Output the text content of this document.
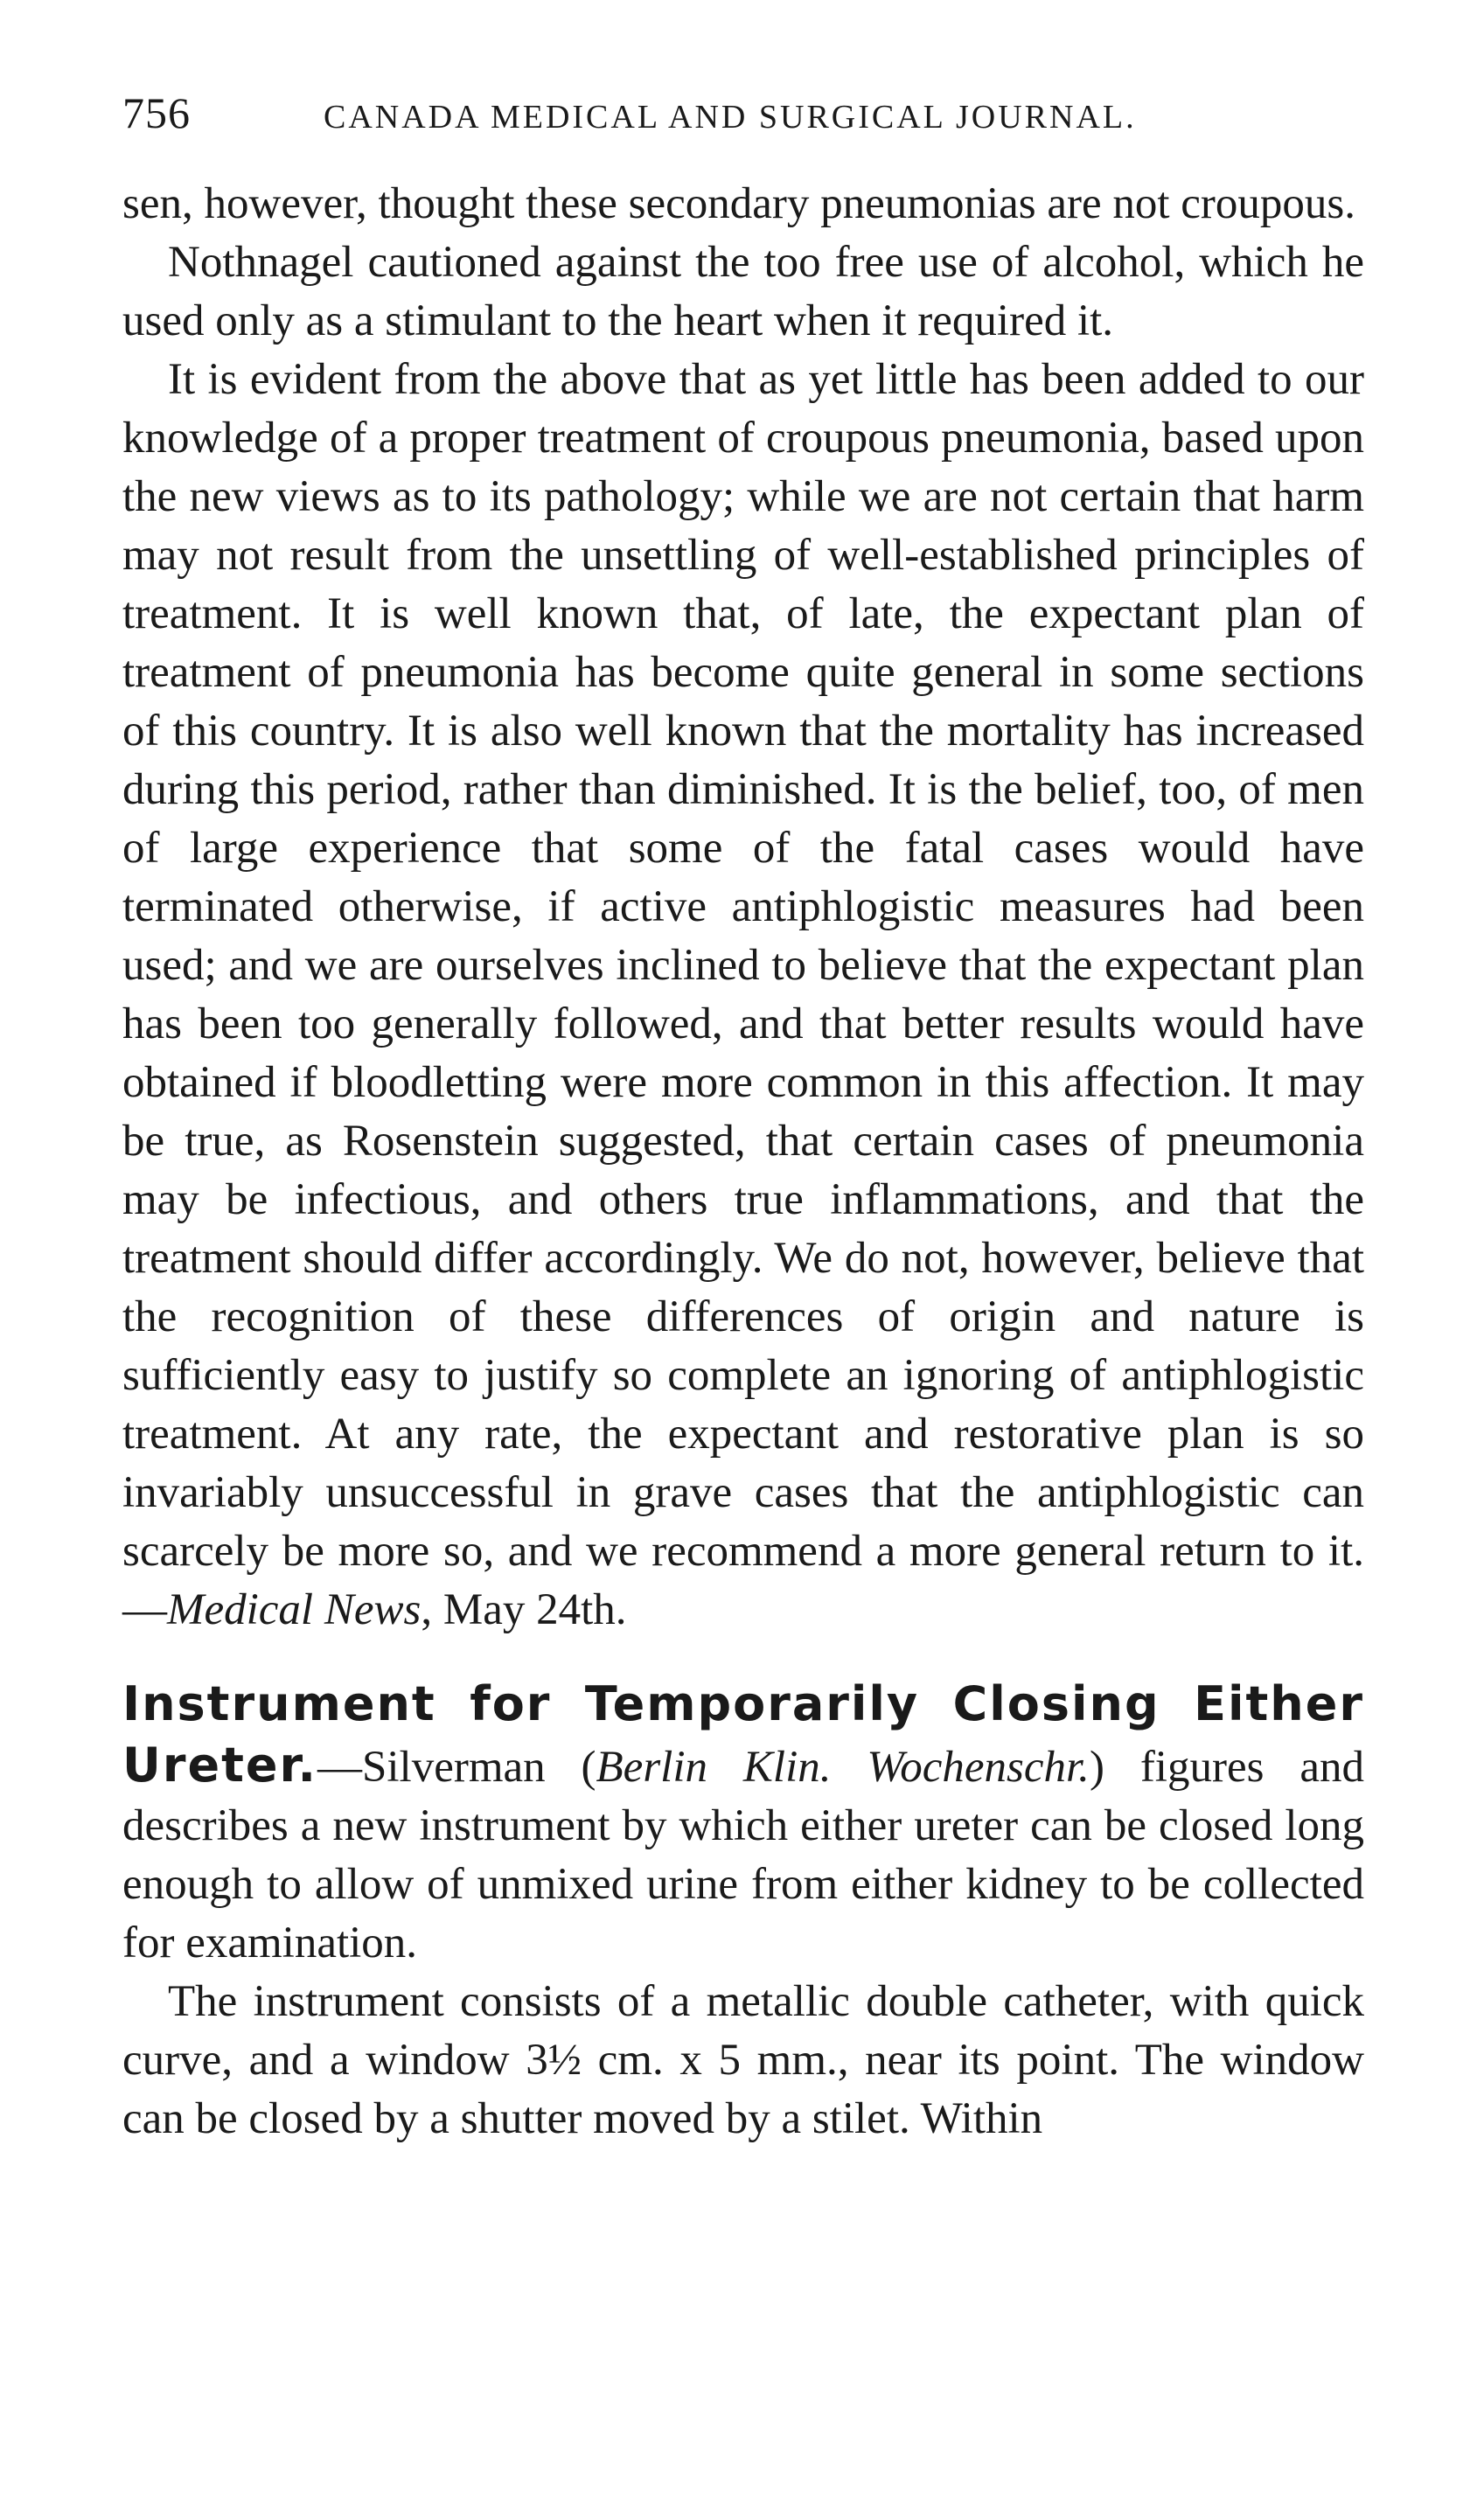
756	CANADA MEDICAL AND SURGICAL JOURNAL.

sen, however, thought these secondary pneumonias are not croupous.

Nothnagel cautioned against the too free use of alcohol, which he used only as a stimulant to the heart when it required it.

It is evident from the above that as yet little has been added to our knowledge of a proper treatment of croupous pneumonia, based upon the new views as to its pathology; while we are not certain that harm may not result from the unsettling of well-established principles of treatment. It is well known that, of late, the expectant plan of treatment of pneumonia has become quite general in some sections of this country. It is also well known that the mortality has increased during this period, rather than diminished. It is the belief, too, of men of large experience that some of the fatal cases would have terminated otherwise, if active antiphlogistic measures had been used; and we are ourselves inclined to believe that the expectant plan has been too generally followed, and that better results would have obtained if bloodletting were more common in this affection. It may be true, as Rosenstein suggested, that certain cases of pneumonia may be infectious, and others true inflammations, and that the treatment should differ accordingly. We do not, however, believe that the recognition of these differences of origin and nature is sufficiently easy to justify so complete an ignoring of antiphlogistic treatment. At any rate, the expectant and restorative plan is so invariably unsuccessful in grave cases that the antiphlogistic can scarcely be more so, and we recommend a more general return to it.—Medical News, May 24th.

Instrument for Temporarily Closing Either Ureter.—Silverman (Berlin Klin. Wochenschr.) figures and describes a new instrument by which either ureter can be closed long enough to allow of unmixed urine from either kidney to be collected for examination.

The instrument consists of a metallic double catheter, with quick curve, and a window 3½ cm. x 5 mm., near its point. The window can be closed by a shutter moved by a stilet. Within
